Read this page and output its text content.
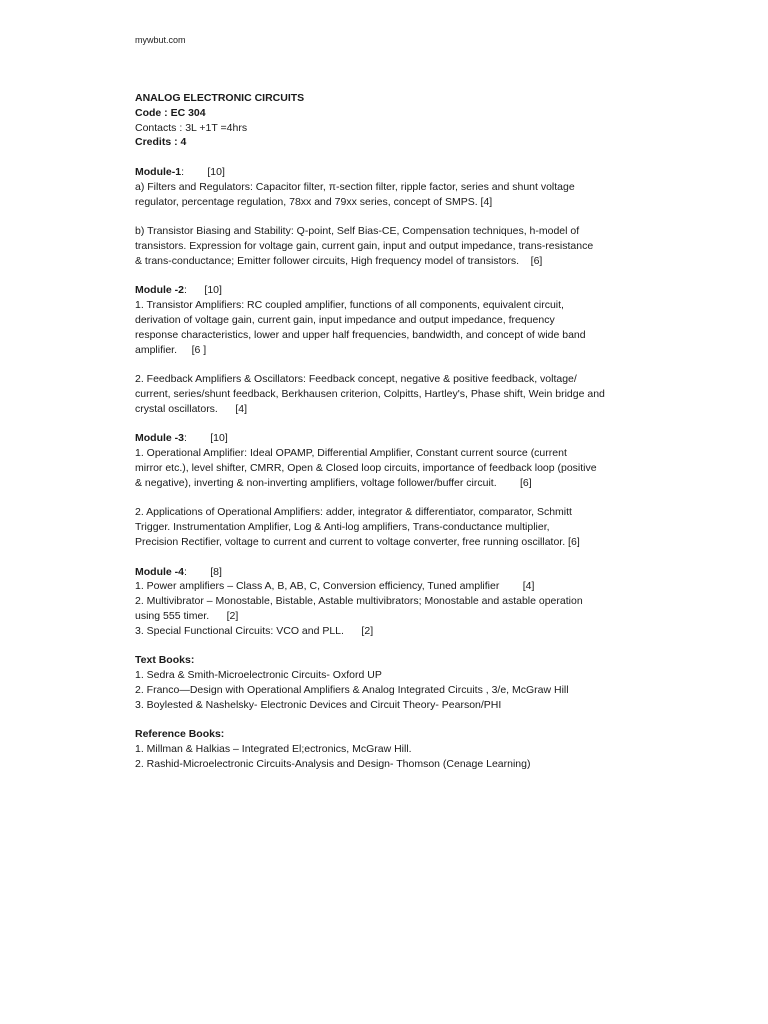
mywbut.com

ANALOG ELECTRONIC CIRCUITS

Code : EC 304

Contacts : 3L +1T =4hrs

Credits : 4

Module-1:        [10]

a) Filters and Regulators: Capacitor filter, π-section filter, ripple factor, series and shunt voltage

regulator, percentage regulation, 78xx and 79xx series, concept of SMPS. [4]

b) Transistor Biasing and Stability: Q-point, Self Bias-CE, Compensation techniques, h-model of

transistors. Expression for voltage gain, current gain, input and output impedance, trans-resistance

& trans-conductance; Emitter follower circuits, High frequency model of transistors.    [6]

Module -2:      [10]

1. Transistor Amplifiers: RC coupled amplifier, functions of all components, equivalent circuit,

derivation of voltage gain, current gain, input impedance and output impedance, frequency

response characteristics, lower and upper half frequencies, bandwidth, and concept of wide band

amplifier.     [6 ]

2. Feedback Amplifiers & Oscillators: Feedback concept, negative & positive feedback, voltage/

current, series/shunt feedback, Berkhausen criterion, Colpitts, Hartley's, Phase shift, Wein bridge and

crystal oscillators.      [4]

Module -3:        [10]

1. Operational Amplifier: Ideal OPAMP, Differential Amplifier, Constant current source (current

mirror etc.), level shifter, CMRR, Open & Closed loop circuits, importance of feedback loop (positive

& negative), inverting & non-inverting amplifiers, voltage follower/buffer circuit.        [6]

2. Applications of Operational Amplifiers: adder, integrator & differentiator, comparator, Schmitt

Trigger. Instrumentation Amplifier, Log & Anti-log amplifiers, Trans-conductance multiplier,

Precision Rectifier, voltage to current and current to voltage converter, free running oscillator. [6]

Module -4:        [8]

1. Power amplifiers – Class A, B, AB, C, Conversion efficiency, Tuned amplifier        [4]

2. Multivibrator – Monostable, Bistable, Astable multivibrators; Monostable and astable operation

using 555 timer.      [2]

3. Special Functional Circuits: VCO and PLL.      [2]

Text Books:

1. Sedra & Smith-Microelectronic Circuits- Oxford UP

2. Franco—Design with Operational Amplifiers & Analog Integrated Circuits , 3/e, McGraw Hill

3. Boylested & Nashelsky- Electronic Devices and Circuit Theory- Pearson/PHI

Reference Books:

1. Millman & Halkias – Integrated El;ectronics, McGraw Hill.

2. Rashid-Microelectronic Circuits-Analysis and Design- Thomson (Cenage Learning)
